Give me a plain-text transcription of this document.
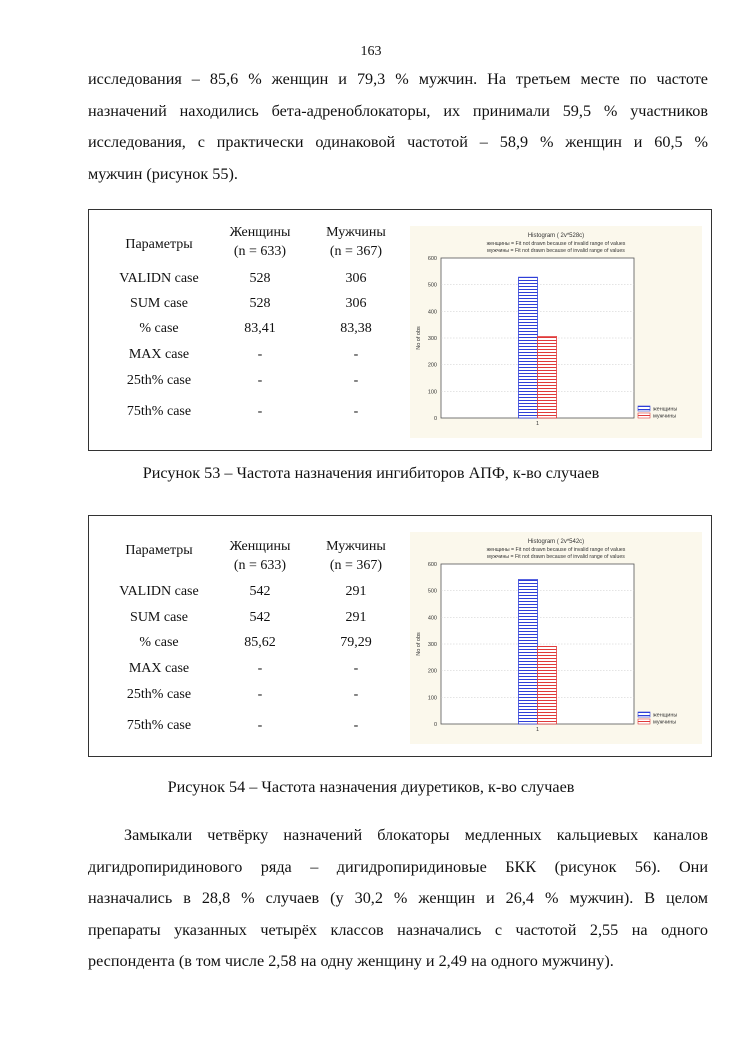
163
исследования – 85,6 % женщин и 79,3 % мужчин. На третьем месте по частоте
назначений находились бета-адреноблокаторы, их принимали 59,5 % участников
исследования, с практически одинаковой частотой – 58,9 % женщин и 60,5 %
мужчин (рисунок 55).
Параметры
Женщины	Мужчины
(n = 633)	(n = 367)
VALIDN case	528	306
SUM case	528	306
% case	83,41	83,38
MAX case	-	-
25th% case	-	-
75th% case	-	-
Histogram ( 2v*528c)
женщины = Fit not drawn because of invalid range of values
мужчины = Fit not drawn because of invalid range of values
0
100
200
300
400
500
600
No of obs
1
женщины
мужчины
Рисунок 53 – Частота назначения ингибиторов АПФ, к-во случаев
Параметры	Женщины	Мужчины
(n = 633)	(n = 367)
VALIDN case	542	291
SUM case	542	291
% case	85,62	79,29
MAX case	-	-
25th% case	-	-
75th% case	-	-
Histogram ( 2v*542c)
женщины = Fit not drawn because of invalid range of values
мужчины = Fit not drawn because of invalid range of values
0
100
200
300
400
500
600
No of obs
1
женщины
мужчины
Рисунок 54 – Частота назначения диуретиков, к-во случаев
Замыкали четвёрку назначений блокаторы медленных кальциевых каналов
дигидропиридинового ряда – дигидропиридиновые БКК (рисунок 56). Они
назначались в 28,8 % случаев (у 30,2 % женщин и 26,4 % мужчин). В целом
препараты указанных четырёх классов назначались с частотой 2,55 на одного
респондента (в том числе 2,58 на одну женщину и 2,49 на одного мужчину).
